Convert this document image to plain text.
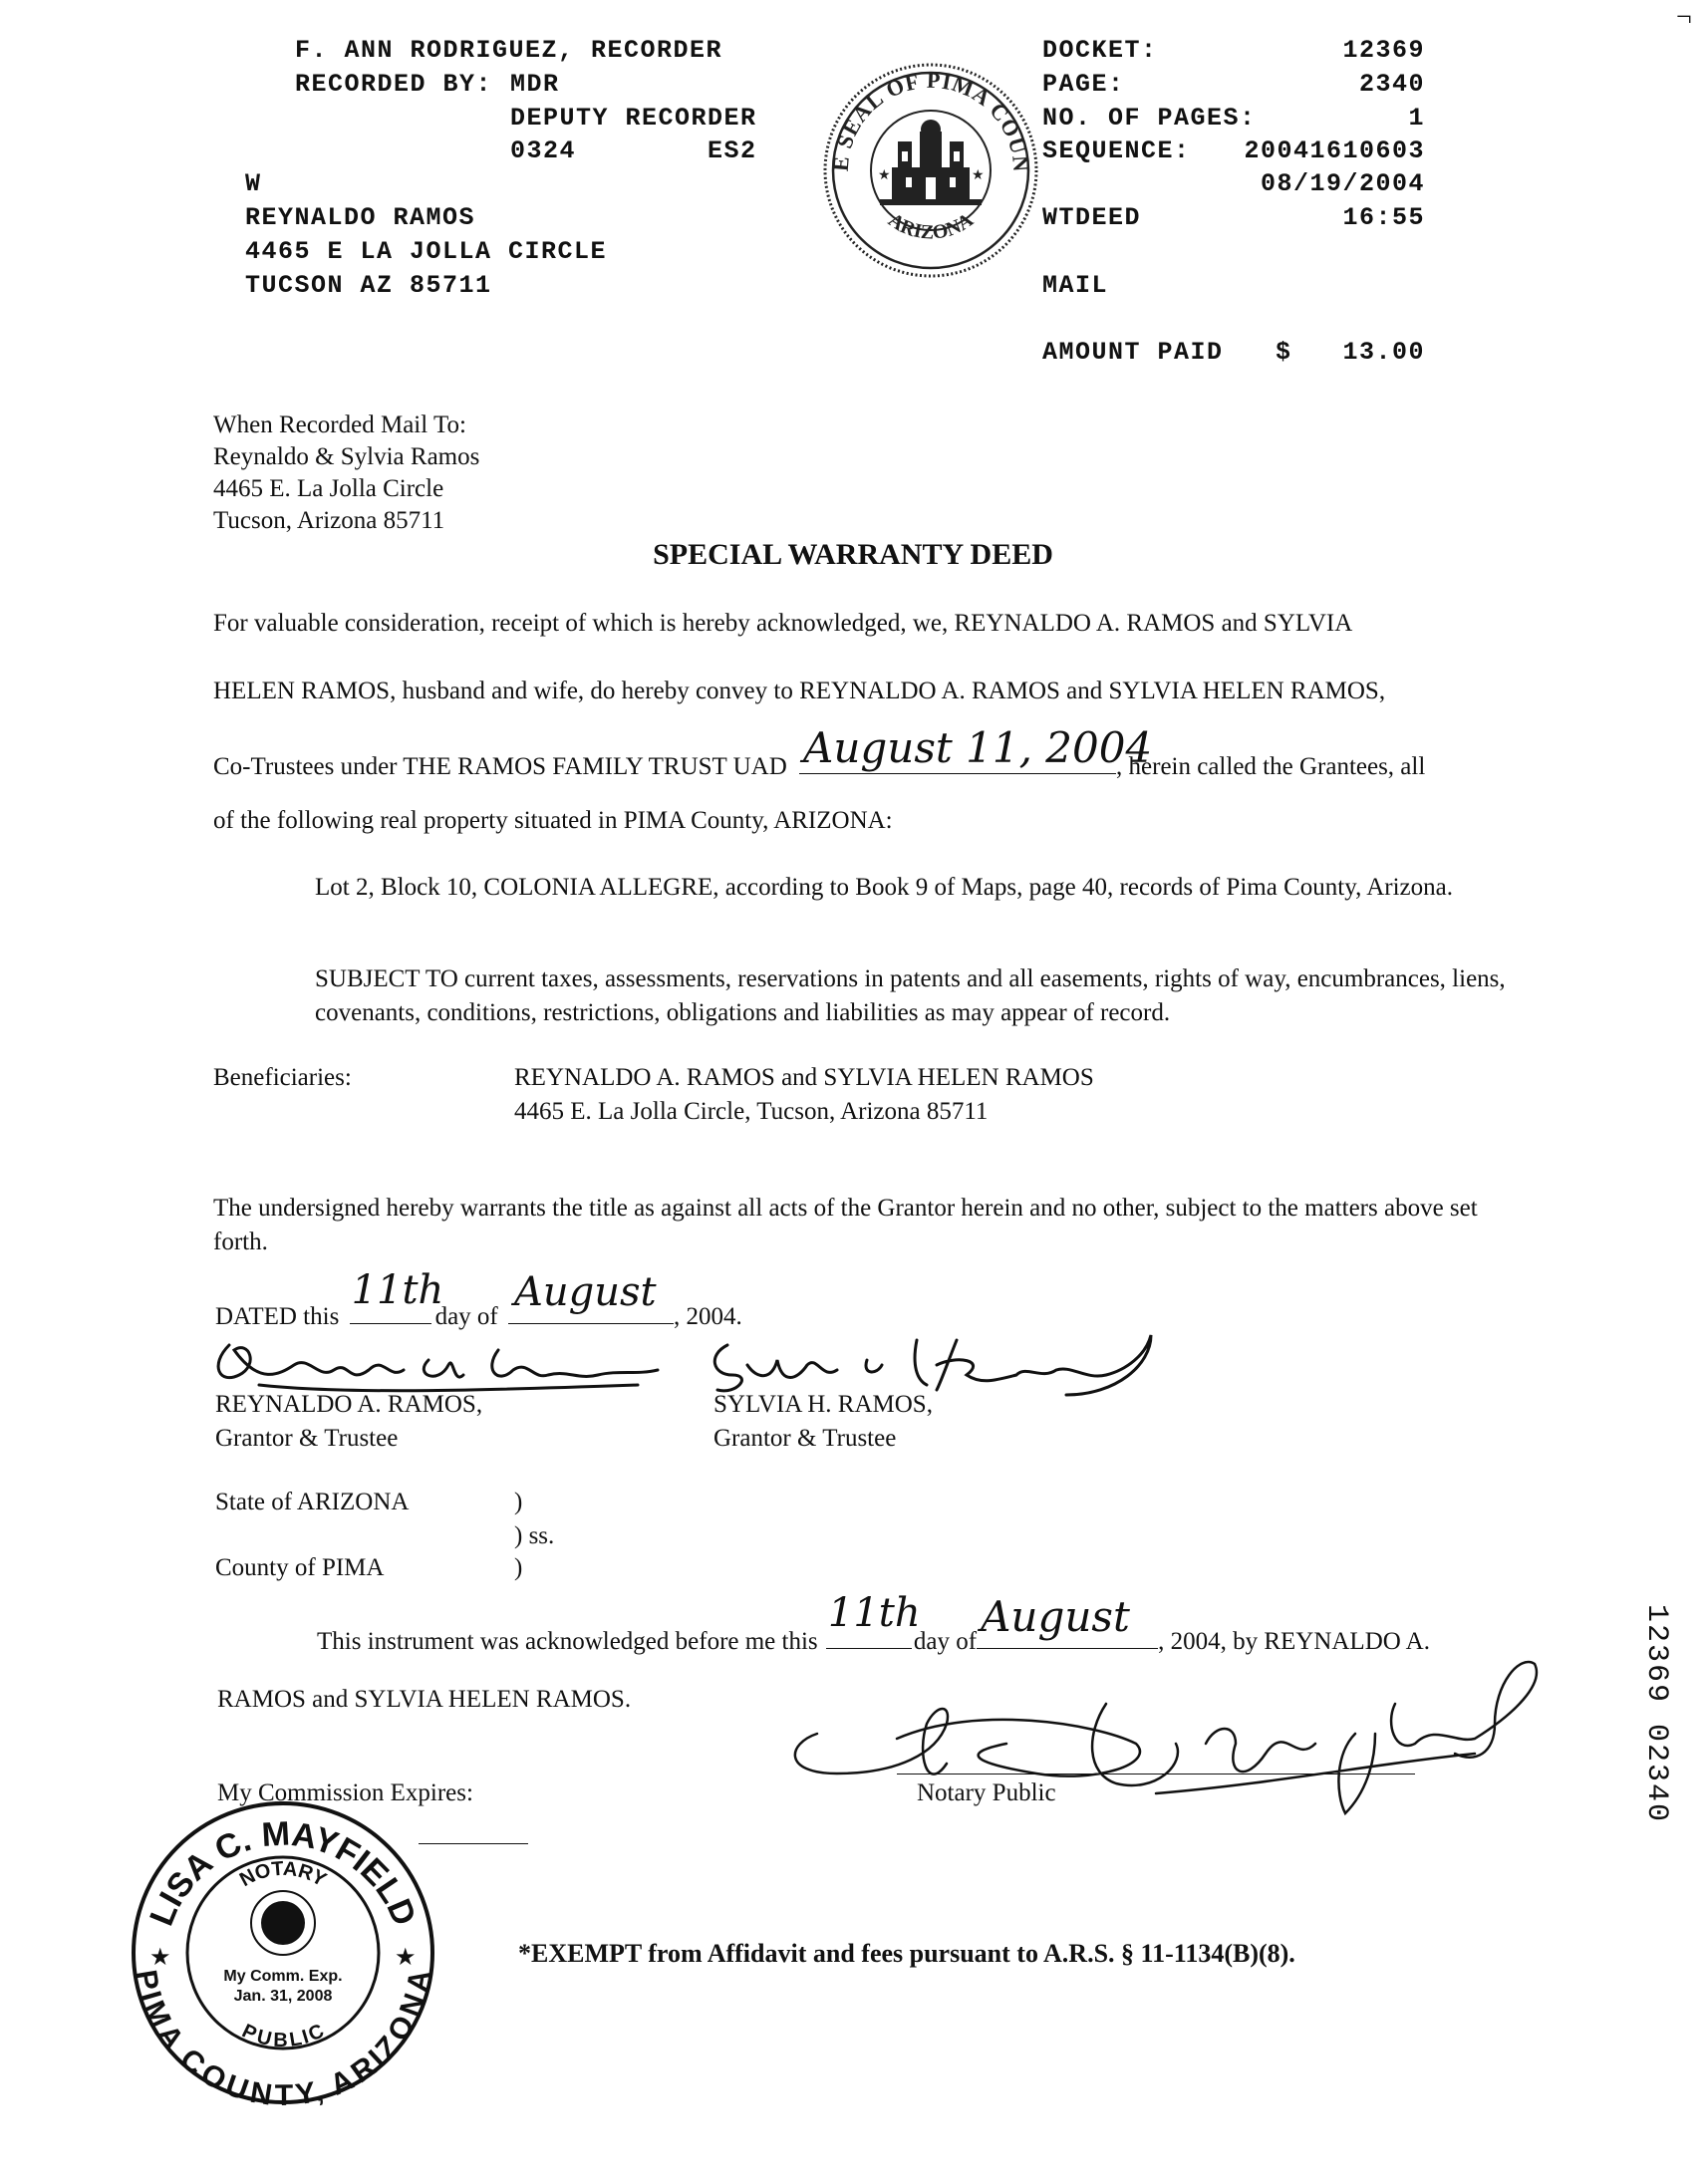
¬
F. ANN RODRIGUEZ, RECORDER
RECORDED BY: MDR
DEPUTY RECORDER
0324	ES2
W
REYNALDO RAMOS
4465 E LA JOLLA CIRCLE
TUCSON AZ 85711
E SEAL OF PIMA COUN
ARIZONA
★	★
DOCKET:	12369
PAGE:	2340
NO. OF PAGES:	1
SEQUENCE:	20041610603
08/19/2004
WTDEED	16:55
MAIL
AMOUNT PAID $	13.00
When Recorded Mail To:
Reynaldo & Sylvia Ramos
4465 E. La Jolla Circle
Tucson, Arizona 85711
SPECIAL WARRANTY DEED
For valuable consideration, receipt of which is hereby acknowledged, we, REYNALDO A. RAMOS and SYLVIA
HELEN RAMOS, husband and wife, do hereby convey to REYNALDO A. RAMOS and SYLVIA HELEN RAMOS,
Co-Trustees under THE RAMOS FAMILY TRUST UAD August 11, 2004
, herein called the Grantees, all
of the following real property situated in PIMA County, ARIZONA:
Lot 2, Block 10, COLONIA ALLEGRE, according to Book 9 of Maps, page 40, records of Pima County, Arizona.
SUBJECT TO current taxes, assessments, reservations in patents and all easements, rights of way, encumbrances, liens, covenants, conditions, restrictions, obligations and liabilities as may appear of record.
Beneficiaries:	REYNALDO A. RAMOS and SYLVIA HELEN RAMOS
4465 E. La Jolla Circle, Tucson, Arizona 85711
The undersigned hereby warrants the title as against all acts of the Grantor herein and no other, subject to the matters above set forth.
DATED this
11th
day of
August
, 2004.
REYNALDO A. RAMOS,
Grantor & Trustee
SYLVIA H. RAMOS,
Grantor & Trustee
State of ARIZONA	)
) ss.
County of PIMA	)
This instrument was acknowledged before me this
11th
day of
August
, 2004, by REYNALDO A.
RAMOS and SYLVIA HELEN RAMOS.
Notary Public
My Commission Expires:
LISA C. MAYFIELD
PIMA COUNTY, ARIZONA
NOTARY
PUBLIC
★	★
My Comm. Exp.
Jan. 31, 2008
*EXEMPT from Affidavit and fees pursuant to A.R.S. § 11-1134(B)(8).
12369 02340
